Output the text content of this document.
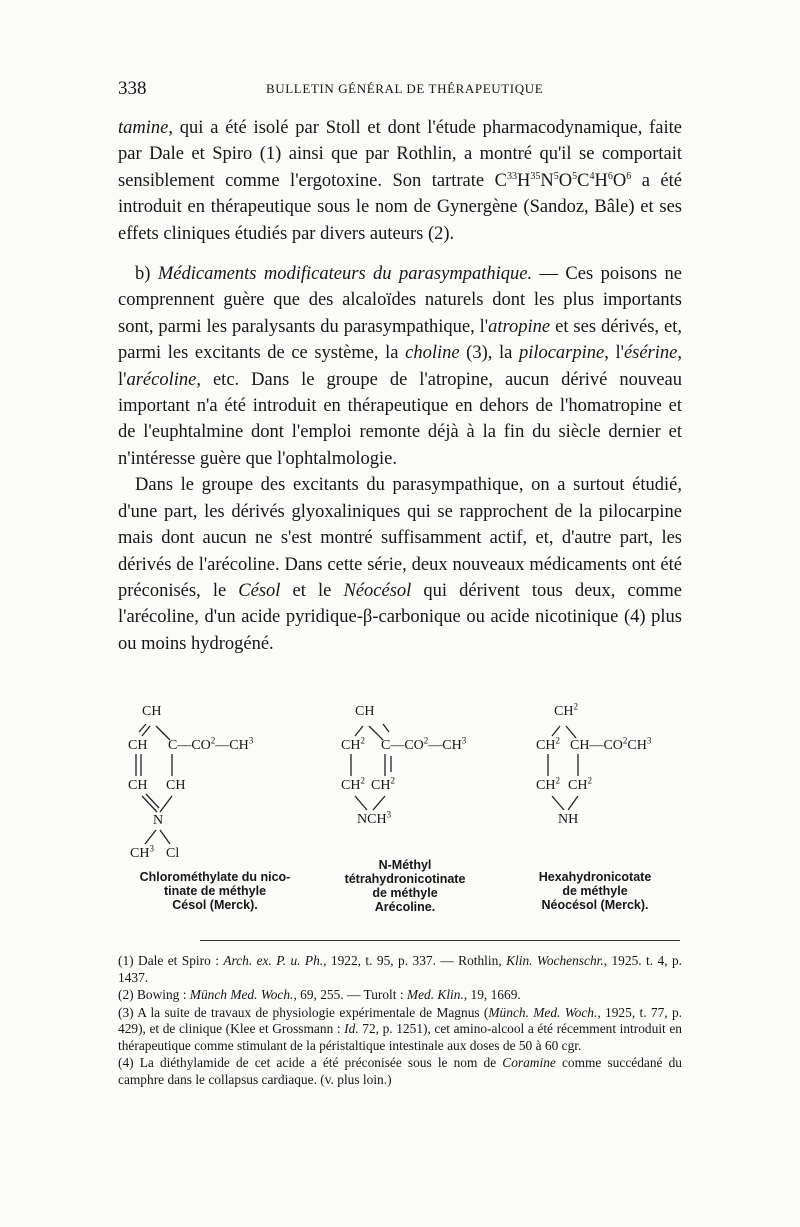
338	BULLETIN GÉNÉRAL DE THÉRAPEUTIQUE

tamine, qui a été isolé par Stoll et dont l'étude pharmacodynamique, faite par Dale et Spiro (1) ainsi que par Rothlin, a montré qu'il se comportait sensiblement comme l'ergotoxine. Son tartrate $C^{33}H^{35}N^5O^5C^4H^6O^6$ a été introduit en thérapeutique sous le nom de Gynergène (Sandoz, Bâle) et ses effets cliniques étudiés par divers auteurs (2).

b) Médicaments modificateurs du parasympathique. — Ces poisons ne comprennent guère que des alcaloïdes naturels dont les plus importants sont, parmi les paralysants du parasympathique, l'atropine et ses dérivés, et, parmi les excitants de ce système, la choline (3), la pilocarpine, l'ésérine, l'arécoline, etc. Dans le groupe de l'atropine, aucun dérivé nouveau important n'a été introduit en thérapeutique en dehors de l'homatropine et de l'euphtalmine dont l'emploi remonte déjà à la fin du siècle dernier et n'intéresse guère que l'ophtalmologie.

Dans le groupe des excitants du parasympathique, on a surtout étudié, d'une part, les dérivés glyoxaliniques qui se rapprochent de la pilocarpine mais dont aucun ne s'est montré suffisamment actif, et, d'autre part, les dérivés de l'arécoline. Dans cette série, deux nouveaux médicaments ont été préconisés, le Césol et le Néocésol qui dérivent tous deux, comme l'arécoline, d'un acide pyridique-β-carbonique ou acide nicotinique (4) plus ou moins hydrogéné.

CH
CH $C—CO^2—CH^3$
CH CH
N
$CH^3$ Cl
Chlorométhylate du nico-
tinate de méthyle
Césol (Merck).
CH
$CH^2$ $C—CO^2—CH^3$
$CH^2$ $CH^2$
NCH$^3$
N-Méthyl
tétrahydronicotinate
de méthyle
Arécoline.
$CH^2$
$CH^2$ $CH—CO^2CH^3$
$CH^2$ $CH^2$
NH
Hexahydronicotate
de méthyle
Néocésol (Merck).

(1) Dale et Spiro : Arch. ex. P. u. Ph., 1922, t. 95, p. 337. — Rothlin, Klin. Wochenschr., 1925. t. 4, p. 1437.

(2) Bowing : Münch Med. Woch., 69, 255. — Turolt : Med. Klin., 19, 1669.

(3) A la suite de travaux de physiologie expérimentale de Magnus (Münch. Med. Woch., 1925, t. 77, p. 429), et de clinique (Klee et Grossmann : Id. 72, p. 1251), cet amino-alcool a été récemment introduit en thérapeutique comme stimulant de la péristaltique intestinale aux doses de 50 à 60 cgr.

(4) La diéthylamide de cet acide a été préconisée sous le nom de Coramine comme succédané du camphre dans le collapsus cardiaque. (v. plus loin.)
